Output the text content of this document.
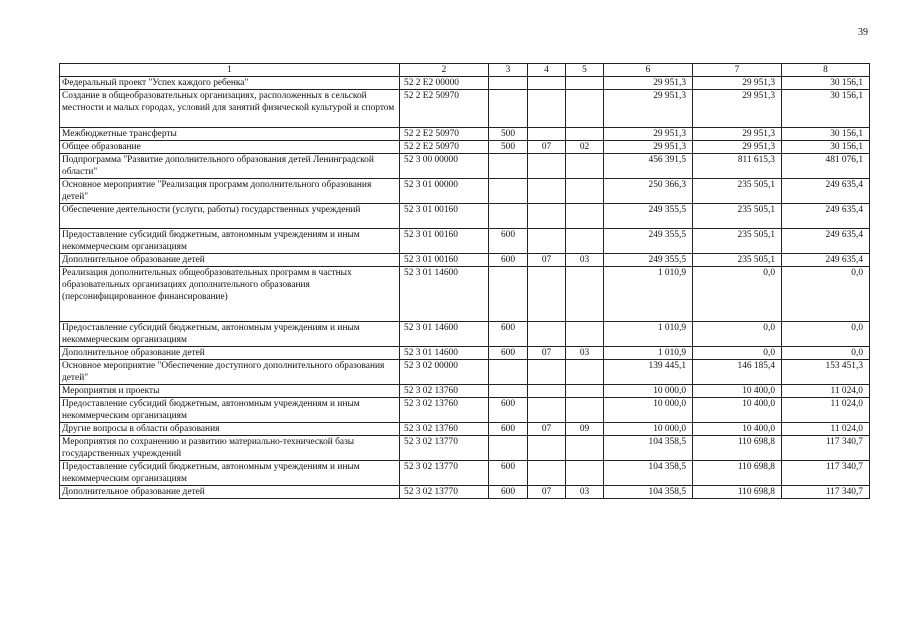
39
1	2	3	4	5	6	7	8
Федеральный проект "Успех каждого ребенка"	52 2 E2 00000				29 951,3	29 951,3	30 156,1
Создание в общеобразовательных организациях, расположенных в сельской местности и малых городах, условий для занятий физической культурой и спортом	52 2 E2 50970				29 951,3	29 951,3	30 156,1
Межбюджетные трансферты	52 2 E2 50970	500			29 951,3	29 951,3	30 156,1
Общее образование	52 2 E2 50970	500	07	02	29 951,3	29 951,3	30 156,1
Подпрограмма "Развитие дополнительного образования детей Ленинградской области"	52 3 00 00000				456 391,5	811 615,3	481 076,1
Основное мероприятие "Реализация программ дополнительного образования детей"	52 3 01 00000				250 366,3	235 505,1	249 635,4
Обеспечение деятельности (услуги, работы) государственных учреждений	52 3 01 00160				249 355,5	235 505,1	249 635,4
Предоставление субсидий бюджетным, автономным учреждениям и иным некоммерческим организациям	52 3 01 00160	600			249 355,5	235 505,1	249 635,4
Дополнительное образование детей	52 3 01 00160	600	07	03	249 355,5	235 505,1	249 635,4
Реализация дополнительных общеобразовательных программ в частных образовательных организациях дополнительного образования (персонифицированное финансирование)	52 3 01 14600				1 010,9	0,0	0,0
Предоставление субсидий бюджетным, автономным учреждениям и иным некоммерческим организациям	52 3 01 14600	600			1 010,9	0,0	0,0
Дополнительное образование детей	52 3 01 14600	600	07	03	1 010,9	0,0	0,0
Основное мероприятие "Обеспечение доступного дополнительного образования детей"	52 3 02 00000				139 445,1	146 185,4	153 451,3
Мероприятия и проекты	52 3 02 13760				10 000,0	10 400,0	11 024,0
Предоставление субсидий бюджетным, автономным учреждениям и иным некоммерческим организациям	52 3 02 13760	600			10 000,0	10 400,0	11 024,0
Другие вопросы в области образования	52 3 02 13760	600	07	09	10 000,0	10 400,0	11 024,0
Мероприятия по сохранению и развитию материально-технической базы государственных учреждений	52 3 02 13770				104 358,5	110 698,8	117 340,7
Предоставление субсидий бюджетным, автономным учреждениям и иным некоммерческим организациям	52 3 02 13770	600			104 358,5	110 698,8	117 340,7
Дополнительное образование детей	52 3 02 13770	600	07	03	104 358,5	110 698,8	117 340,7
